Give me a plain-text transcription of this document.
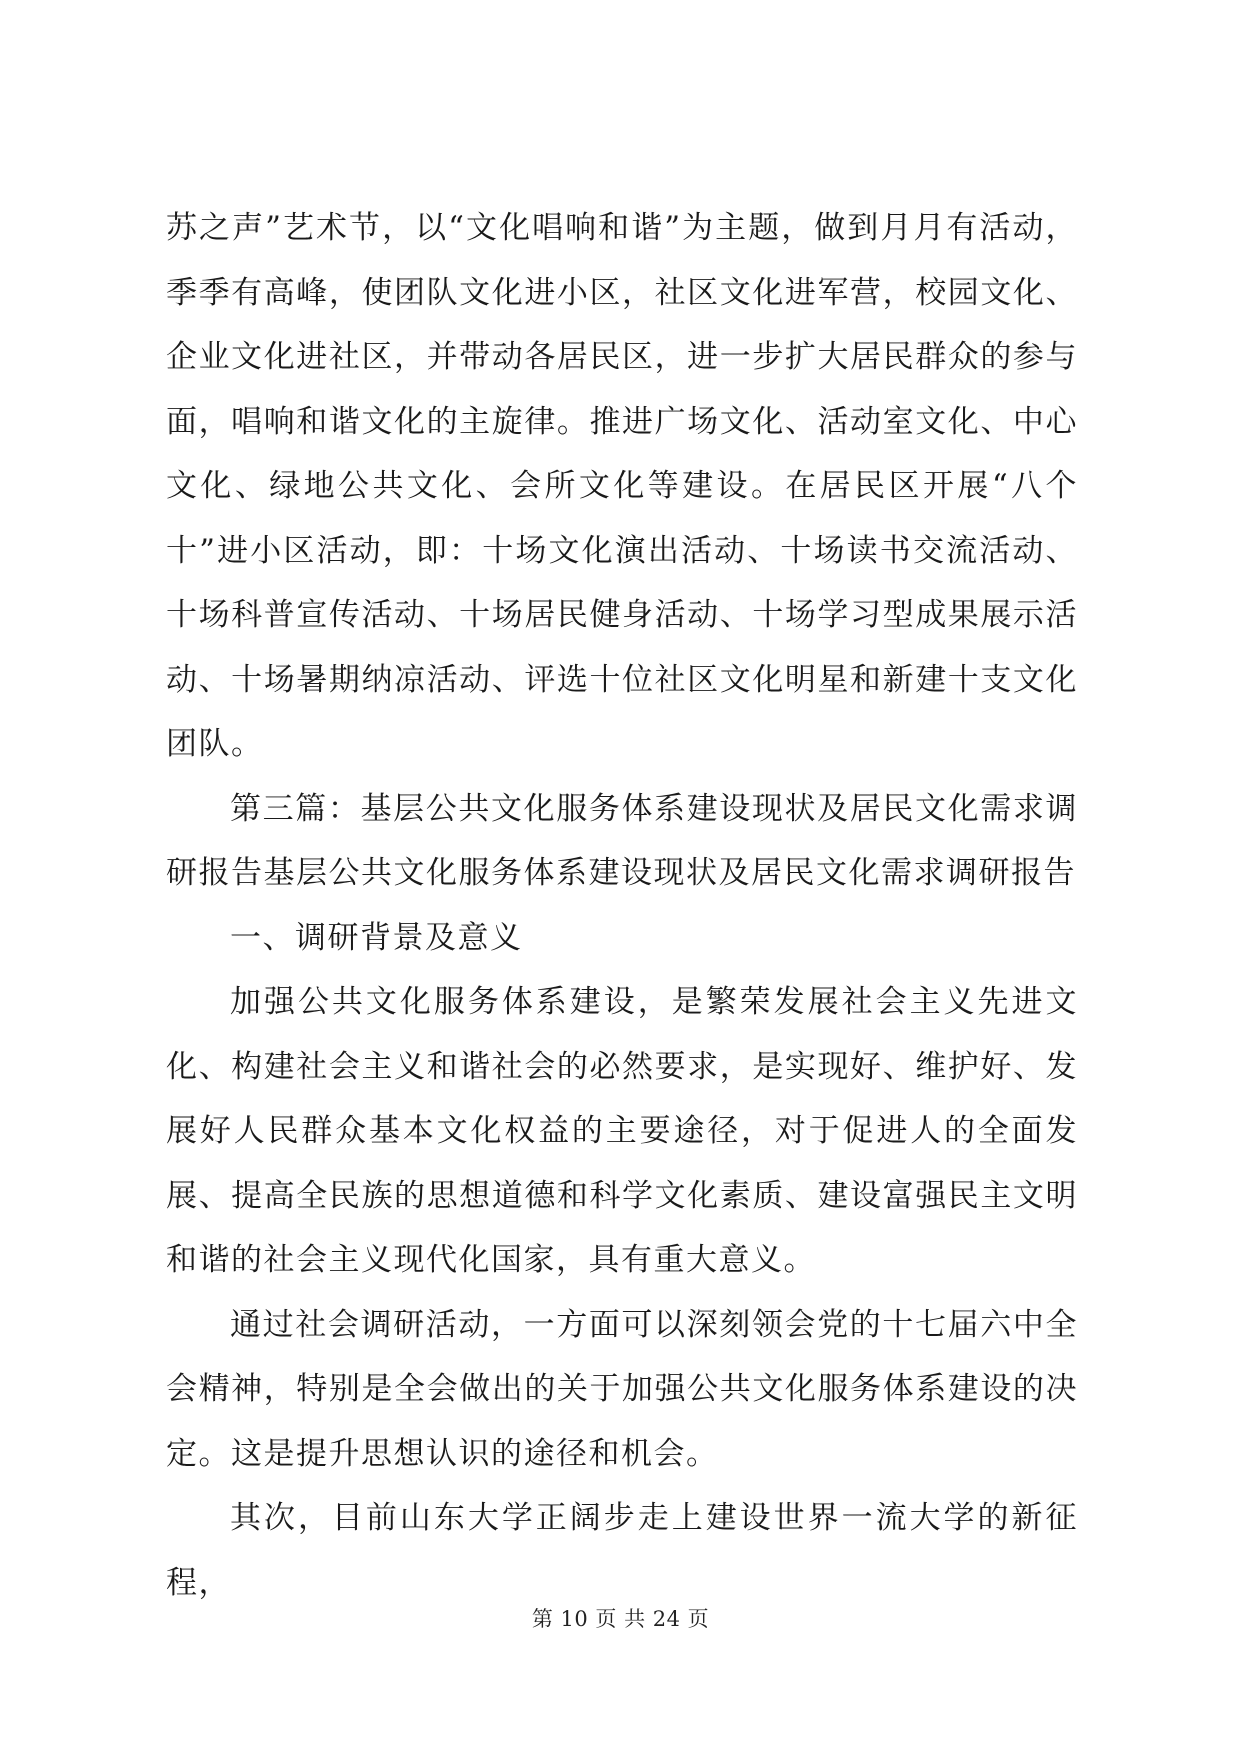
苏之声”艺术节，以“文化唱响和谐”为主题，做到月月有活动，季季有高峰，使团队文化进小区，社区文化进军营，校园文化、企业文化进社区，并带动各居民区，进一步扩大居民群众的参与面，唱响和谐文化的主旋律。推进广场文化、活动室文化、中心文化、绿地公共文化、会所文化等建设。在居民区开展“八个十”进小区活动，即：十场文化演出活动、十场读书交流活动、十场科普宣传活动、十场居民健身活动、十场学习型成果展示活动、十场暑期纳凉活动、评选十位社区文化明星和新建十支文化团队。

第三篇：基层公共文化服务体系建设现状及居民文化需求调研报告基层公共文化服务体系建设现状及居民文化需求调研报告

一、调研背景及意义

加强公共文化服务体系建设，是繁荣发展社会主义先进文化、构建社会主义和谐社会的必然要求，是实现好、维护好、发展好人民群众基本文化权益的主要途径，对于促进人的全面发展、提高全民族的思想道德和科学文化素质、建设富强民主文明和谐的社会主义现代化国家，具有重大意义。

通过社会调研活动，一方面可以深刻领会党的十七届六中全会精神，特别是全会做出的关于加强公共文化服务体系建设的决定。这是提升思想认识的途径和机会。

其次，目前山东大学正阔步走上建设世界一流大学的新征程，

第 10 页 共 24 页
